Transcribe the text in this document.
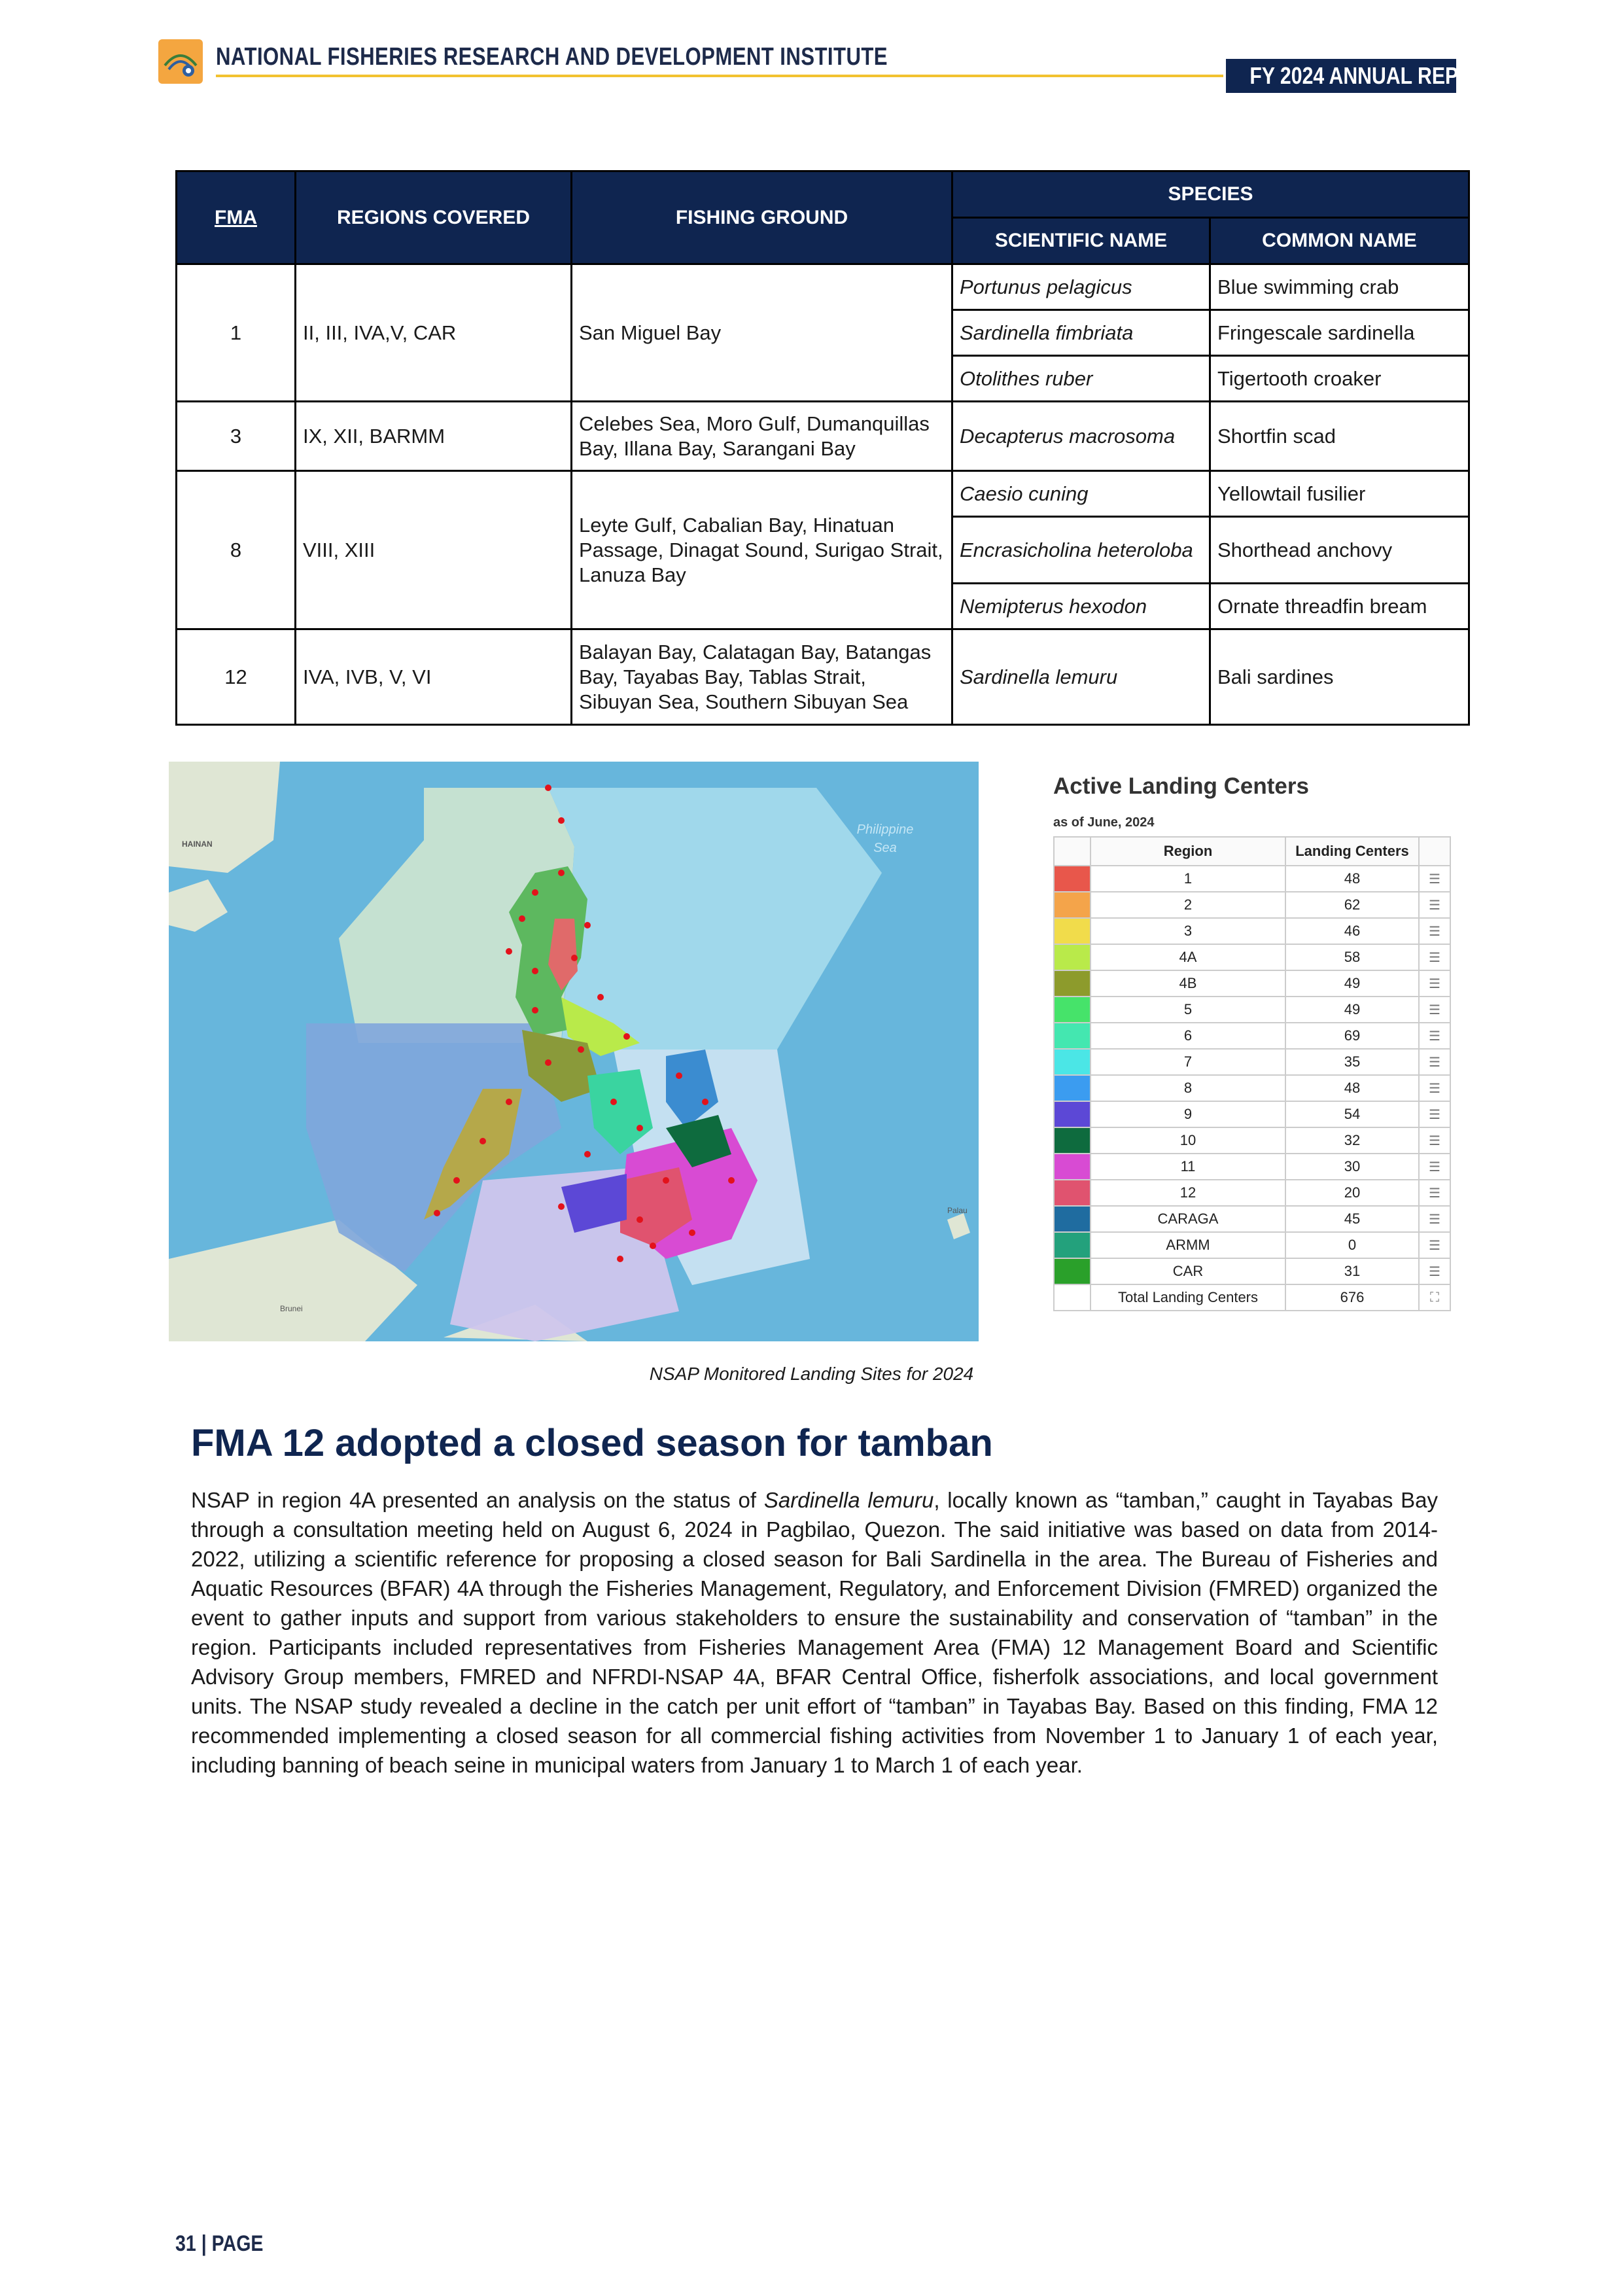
NATIONAL FISHERIES RESEARCH AND DEVELOPMENT INSTITUTE
FY 2024 ANNUAL REPORT
FMA	REGIONS COVERED	FISHING GROUND	SPECIES	
			SCIENTIFIC NAME	COMMON NAME
1	II, III, IVA,V, CAR	San Miguel Bay	Portunus pelagicus	Blue swimming crab
			Sardinella fimbriata	Fringescale sardinella
			Otolithes ruber	Tigertooth croaker
3	IX, XII, BARMM	Celebes Sea, Moro Gulf, Dumanquillas Bay, Illana Bay, Sarangani Bay	Decapterus macrosoma	Shortfin scad
8	VIII, XIII	Leyte Gulf, Cabalian Bay, Hinatuan Passage, Dinagat Sound, Surigao Strait, Lanuza Bay	Caesio cuning	Yellowtail fusilier
			Encrasicholina heteroloba	Shorthead anchovy
			Nemipterus hexodon	Ornate threadfin bream
12	IVA, IVB, V, VI	Balayan Bay, Calatagan Bay, Batangas Bay, Tayabas Bay, Tablas Strait, Sibuyan Sea, Southern Sibuyan Sea	Sardinella lemuru	Bali sardines
Philippine
Sea
HAINAN
Brunei
Palau
Active Landing Centers
as of June, 2024
	Region	Landing Centers	
	1	48	☰
	2	62	☰
	3	46	☰
	4A	58	☰
	4B	49	☰
	5	49	☰
	6	69	☰
	7	35	☰
	8	48	☰
	9	54	☰
	10	32	☰
	11	30	☰
	12	20	☰
	CARAGA	45	☰
	ARMM	0	☰
	CAR	31	☰
	Total Landing Centers	676	⛶
NSAP Monitored Landing Sites for 2024
FMA 12 adopted a closed season for tamban
NSAP in region 4A presented an analysis on the status of Sardinella lemuru, locally known as “tamban,” caught in Tayabas Bay through a consultation meeting held on August 6, 2024 in Pagbilao, Quezon. The said initiative was based on data from 2014-2022, utilizing a scientific reference for proposing a closed season for Bali Sardinella in the area. The Bureau of Fisheries and Aquatic Resources (BFAR) 4A through the Fisheries Management, Regulatory, and Enforcement Division (FMRED) organized the event to gather inputs and support from various stakeholders to ensure the sustainability and conservation of “tamban” in the region. Participants included representatives from Fisheries Management Area (FMA) 12 Management Board and Scientific Advisory Group members, FMRED and NFRDI-NSAP 4A, BFAR Central Office, fisherfolk associations, and local government units. The NSAP study revealed a decline in the catch per unit effort of “tamban” in Tayabas Bay. Based on this finding, FMA 12 recommended implementing a closed season for all commercial fishing activities from November 1 to January 1 of each year, including banning of beach seine in municipal waters from January 1 to March 1 of each year.
31 | PAGE
